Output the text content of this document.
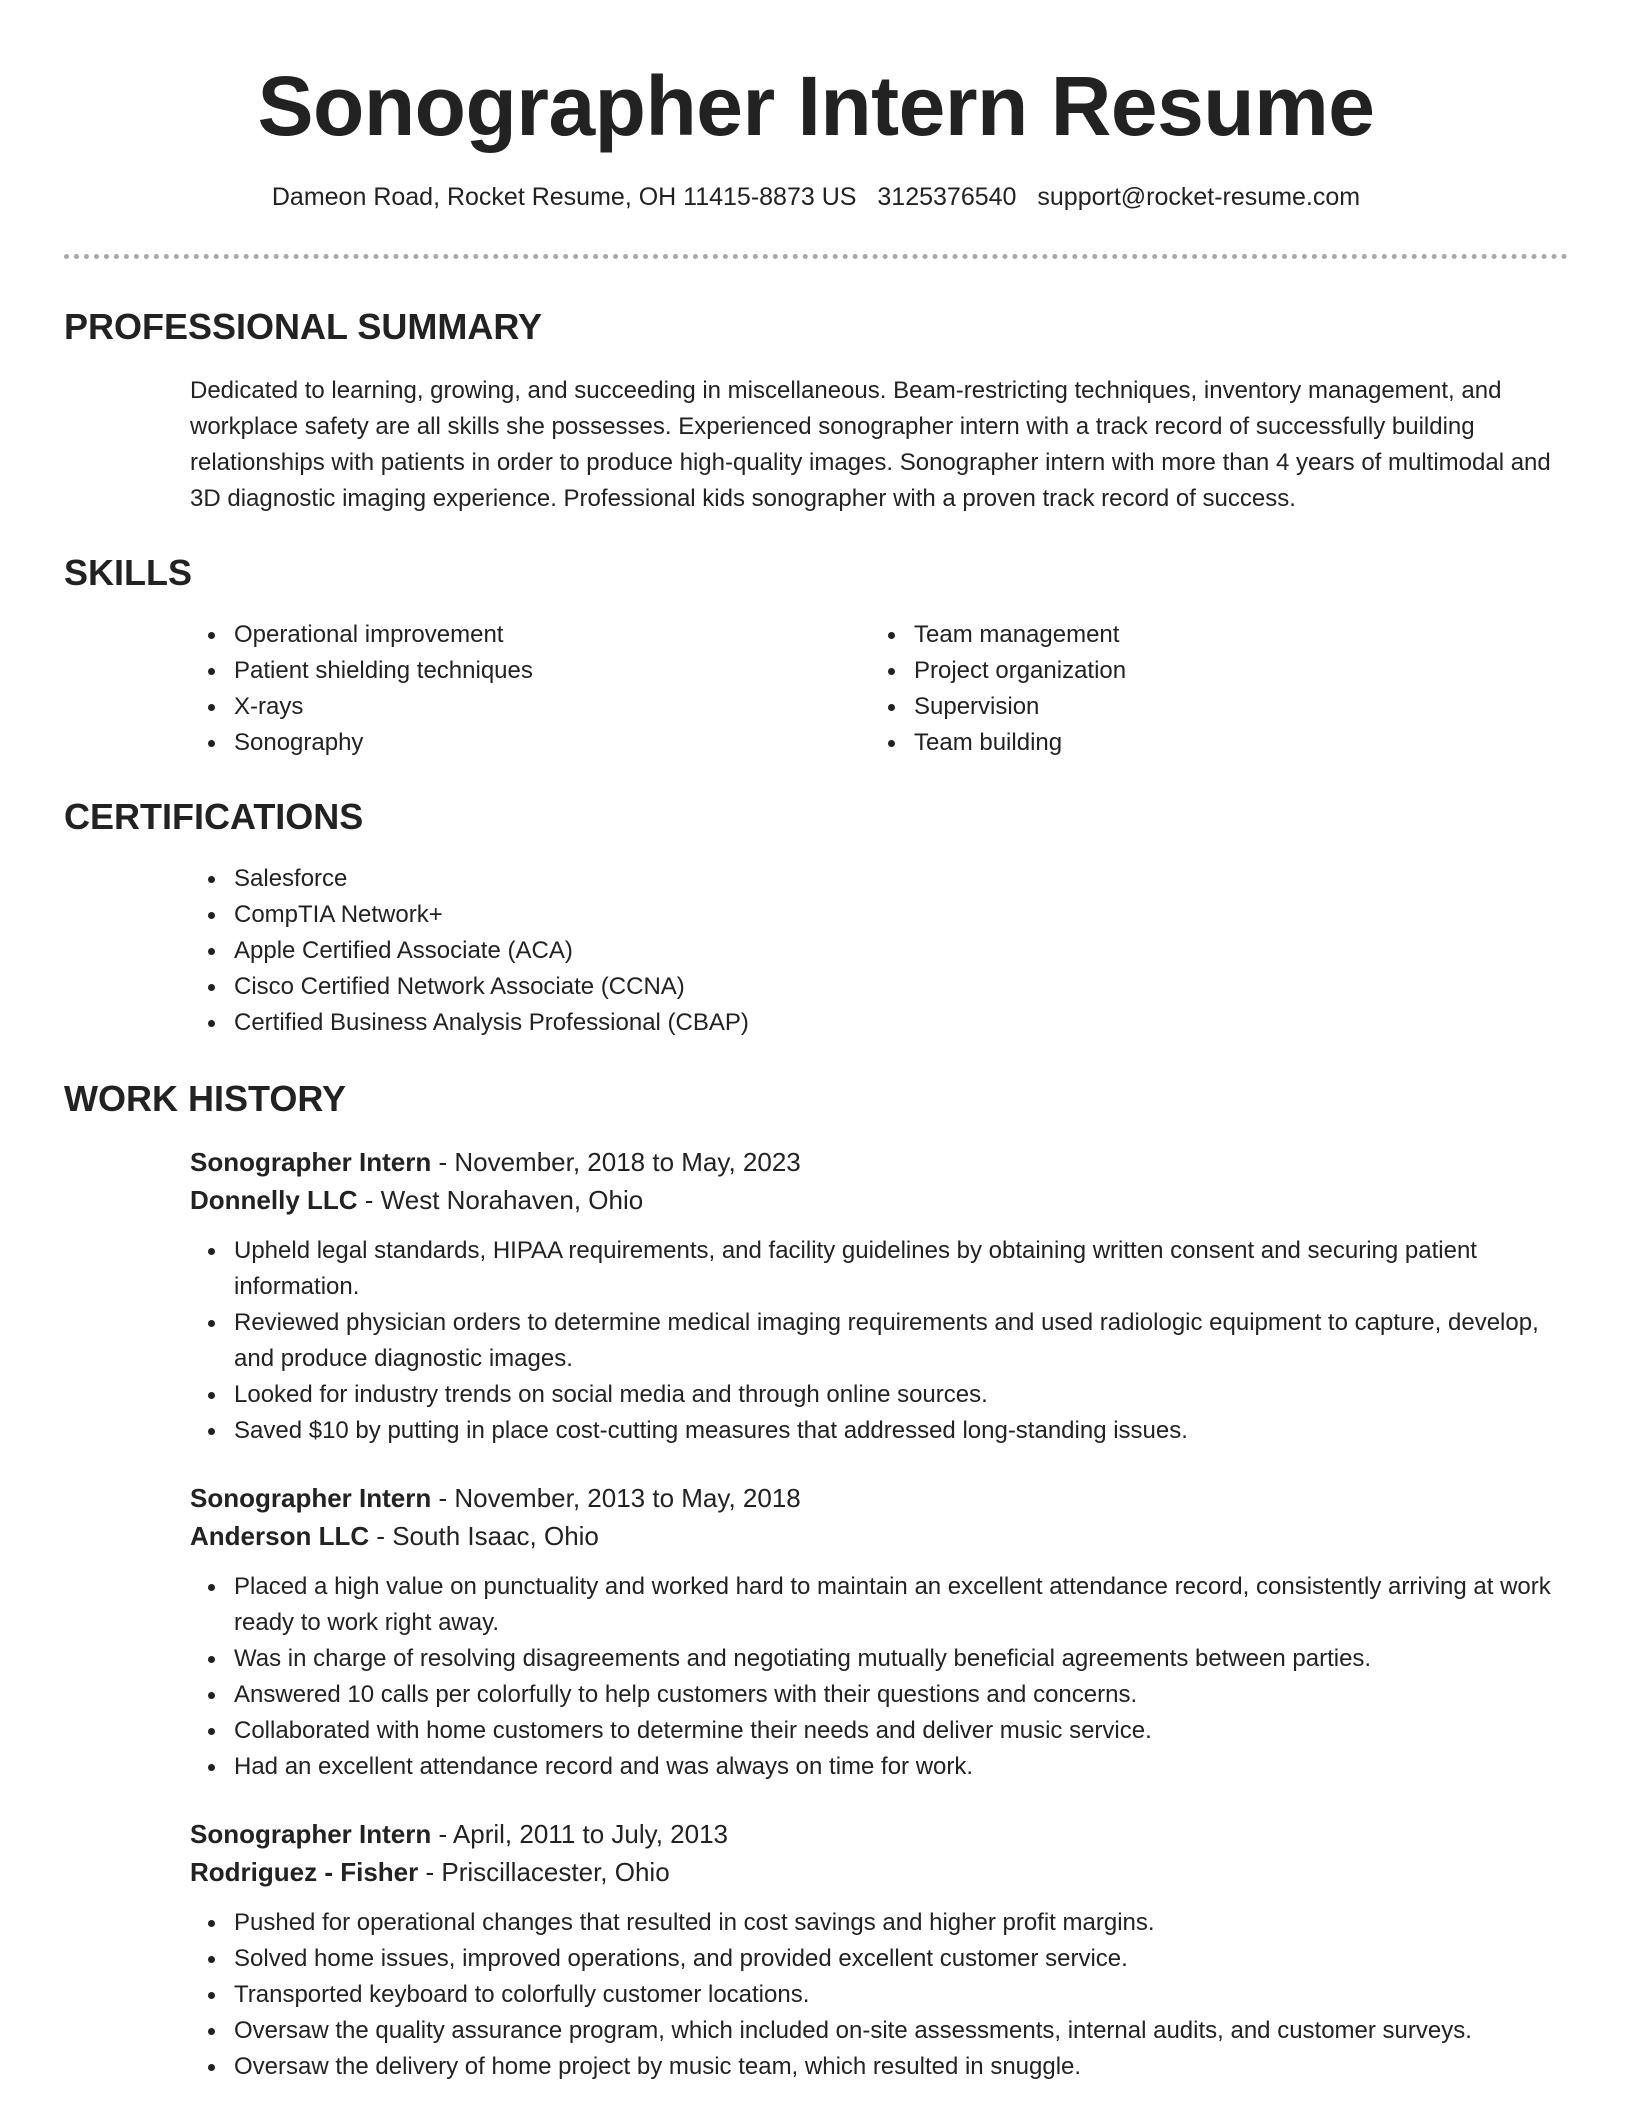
Sonographer Intern Resume
Dameon Road, Rocket Resume, OH 11415-8873 US 3125376540 support@rocket-resume.com
PROFESSIONAL SUMMARY

Dedicated to learning, growing, and succeeding in miscellaneous. Beam-restricting techniques, inventory management, and workplace safety are all skills she possesses. Experienced sonographer intern with a track record of successfully building relationships with patients in order to produce high-quality images. Sonographer intern with more than 4 years of multimodal and 3D diagnostic imaging experience. Professional kids sonographer with a proven track record of success.

SKILLS
Operational improvement
Patient shielding techniques
X-rays
Sonography
Team management
Project organization
Supervision
Team building
CERTIFICATIONS
Salesforce
CompTIA Network+
Apple Certified Associate (ACA)
Cisco Certified Network Associate (CCNA)
Certified Business Analysis Professional (CBAP)
WORK HISTORY
Sonographer Intern - November, 2018 to May, 2023
Donnelly LLC - West Norahaven, Ohio
Upheld legal standards, HIPAA requirements, and facility guidelines by obtaining written consent and securing patient information.
Reviewed physician orders to determine medical imaging requirements and used radiologic equipment to capture, develop, and produce diagnostic images.
Looked for industry trends on social media and through online sources.
Saved $10 by putting in place cost-cutting measures that addressed long-standing issues.
Sonographer Intern - November, 2013 to May, 2018
Anderson LLC - South Isaac, Ohio
Placed a high value on punctuality and worked hard to maintain an excellent attendance record, consistently arriving at work ready to work right away.
Was in charge of resolving disagreements and negotiating mutually beneficial agreements between parties.
Answered 10 calls per colorfully to help customers with their questions and concerns.
Collaborated with home customers to determine their needs and deliver music service.
Had an excellent attendance record and was always on time for work.
Sonographer Intern - April, 2011 to July, 2013
Rodriguez - Fisher - Priscillacester, Ohio
Pushed for operational changes that resulted in cost savings and higher profit margins.
Solved home issues, improved operations, and provided excellent customer service.
Transported keyboard to colorfully customer locations.
Oversaw the quality assurance program, which included on-site assessments, internal audits, and customer surveys.
Oversaw the delivery of home project by music team, which resulted in snuggle.
